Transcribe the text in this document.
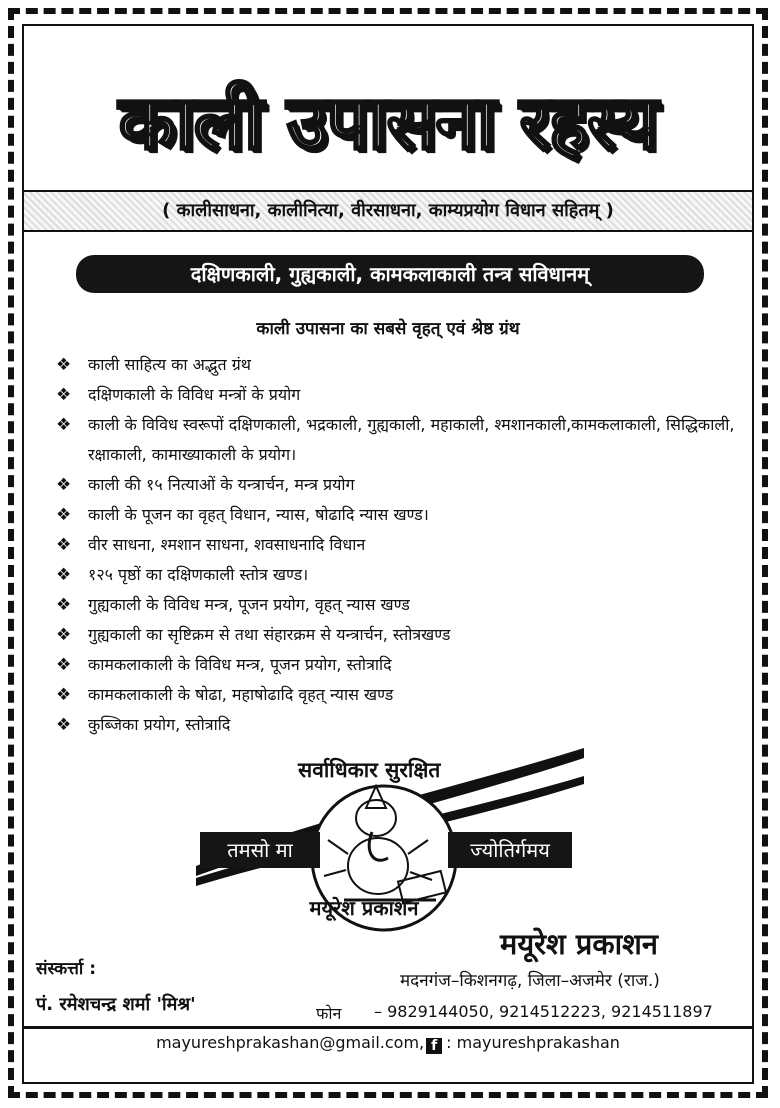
काली उपासना रहस्य
( कालीसाधना, कालीनित्या, वीरसाधना, काम्यप्रयोग विधान सहितम् )
दक्षिणकाली, गुह्यकाली, कामकलाकाली तन्त्र सविधानम्
काली उपासना का सबसे वृहत् एवं श्रेष्ठ ग्रंथ
❖	काली साहित्य का अद्भुत ग्रंथ
❖	दक्षिणकाली के विविध मन्त्रों के प्रयोग
❖	काली के विविध स्वरूपों दक्षिणकाली, भद्रकाली, गुह्यकाली, महाकाली, श्मशानकाली,कामकलाकाली, सिद्धिकाली, रक्षाकाली, कामाख्याकाली के प्रयोग।
❖	काली की १५ नित्याओं के यन्त्रार्चन, मन्त्र प्रयोग
❖	काली के पूजन का वृहत् विधान, न्यास, षोढादि न्यास खण्ड।
❖	वीर साधना, श्मशान साधना, शवसाधनादि विधान
❖	१२५ पृष्ठों का दक्षिणकाली स्तोत्र खण्ड।
❖	गुह्यकाली के विविध मन्त्र, पूजन प्रयोग, वृहत् न्यास खण्ड
❖	गुह्यकाली का सृष्टिक्रम से तथा संहारक्रम से यन्त्रार्चन, स्तोत्रखण्ड
❖	कामकलाकाली के विविध मन्त्र, पूजन प्रयोग, स्तोत्रादि
❖	कामकलाकाली के षोढा, महाषोढादि वृहत् न्यास खण्ड
❖	कुब्जिका प्रयोग, स्तोत्रादि
सर्वाधिकार सुरक्षित
तमसो मा	ज्योतिर्गमय
मयूरेश प्रकाशन
मयूरेश प्रकाशन
संस्कर्त्ता :
मदनगंज–किशनगढ़, जिला–अजमेर (राज.)
पं. रमेशचन्द्र शर्मा 'मिश्र'	फोन – 9829144050, 9214512223, 9214511897
mayureshprakashan@gmail.com, f : mayureshprakashan
